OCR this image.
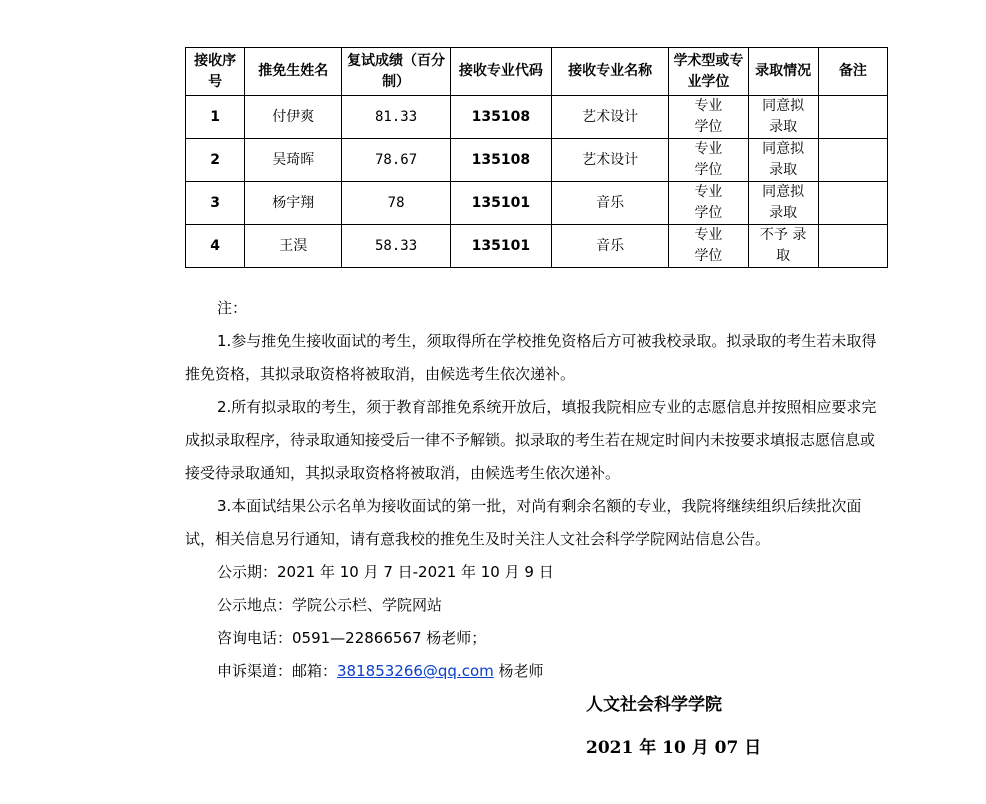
接收序号	推免生姓名	复试成绩（百分制）	接收专业代码	接收专业名称	学术型或专业学位	录取情况	备注
1	付伊爽	81.33	135108	艺术设计	专业学位	同意拟录取	

2	吴琦晖	78.67	135108	艺术设计	专业学位	同意拟录取	

3	杨宇翔	78	135101	音乐	专业学位	同意拟录取	

4	王淏	58.33	135101	音乐	专业学位	不予 录取	

注：

1.参与推免生接收面试的考生，须取得所在学校推免资格后方可被我校录取。拟录取的考生若未取得推免资格，其拟录取资格将被取消，由候选考生依次递补。

2.所有拟录取的考生，须于教育部推免系统开放后，填报我院相应专业的志愿信息并按照相应要求完成拟录取程序，待录取通知接受后一律不予解锁。拟录取的考生若在规定时间内未按要求填报志愿信息或接受待录取通知，其拟录取资格将被取消，由候选考生依次递补。

3.本面试结果公示名单为接收面试的第一批，对尚有剩余名额的专业，我院将继续组织后续批次面试，相关信息另行通知，请有意我校的推免生及时关注人文社会科学学院网站信息公告。

公示期：2021 年 10 月 7 日-2021 年 10 月 9 日

公示地点：学院公示栏、学院网站

咨询电话：0591—22866567 杨老师；

申诉渠道：邮箱：381853266@qq.com 杨老师

人文社会科学学院
2021 年 10 月 07 日
